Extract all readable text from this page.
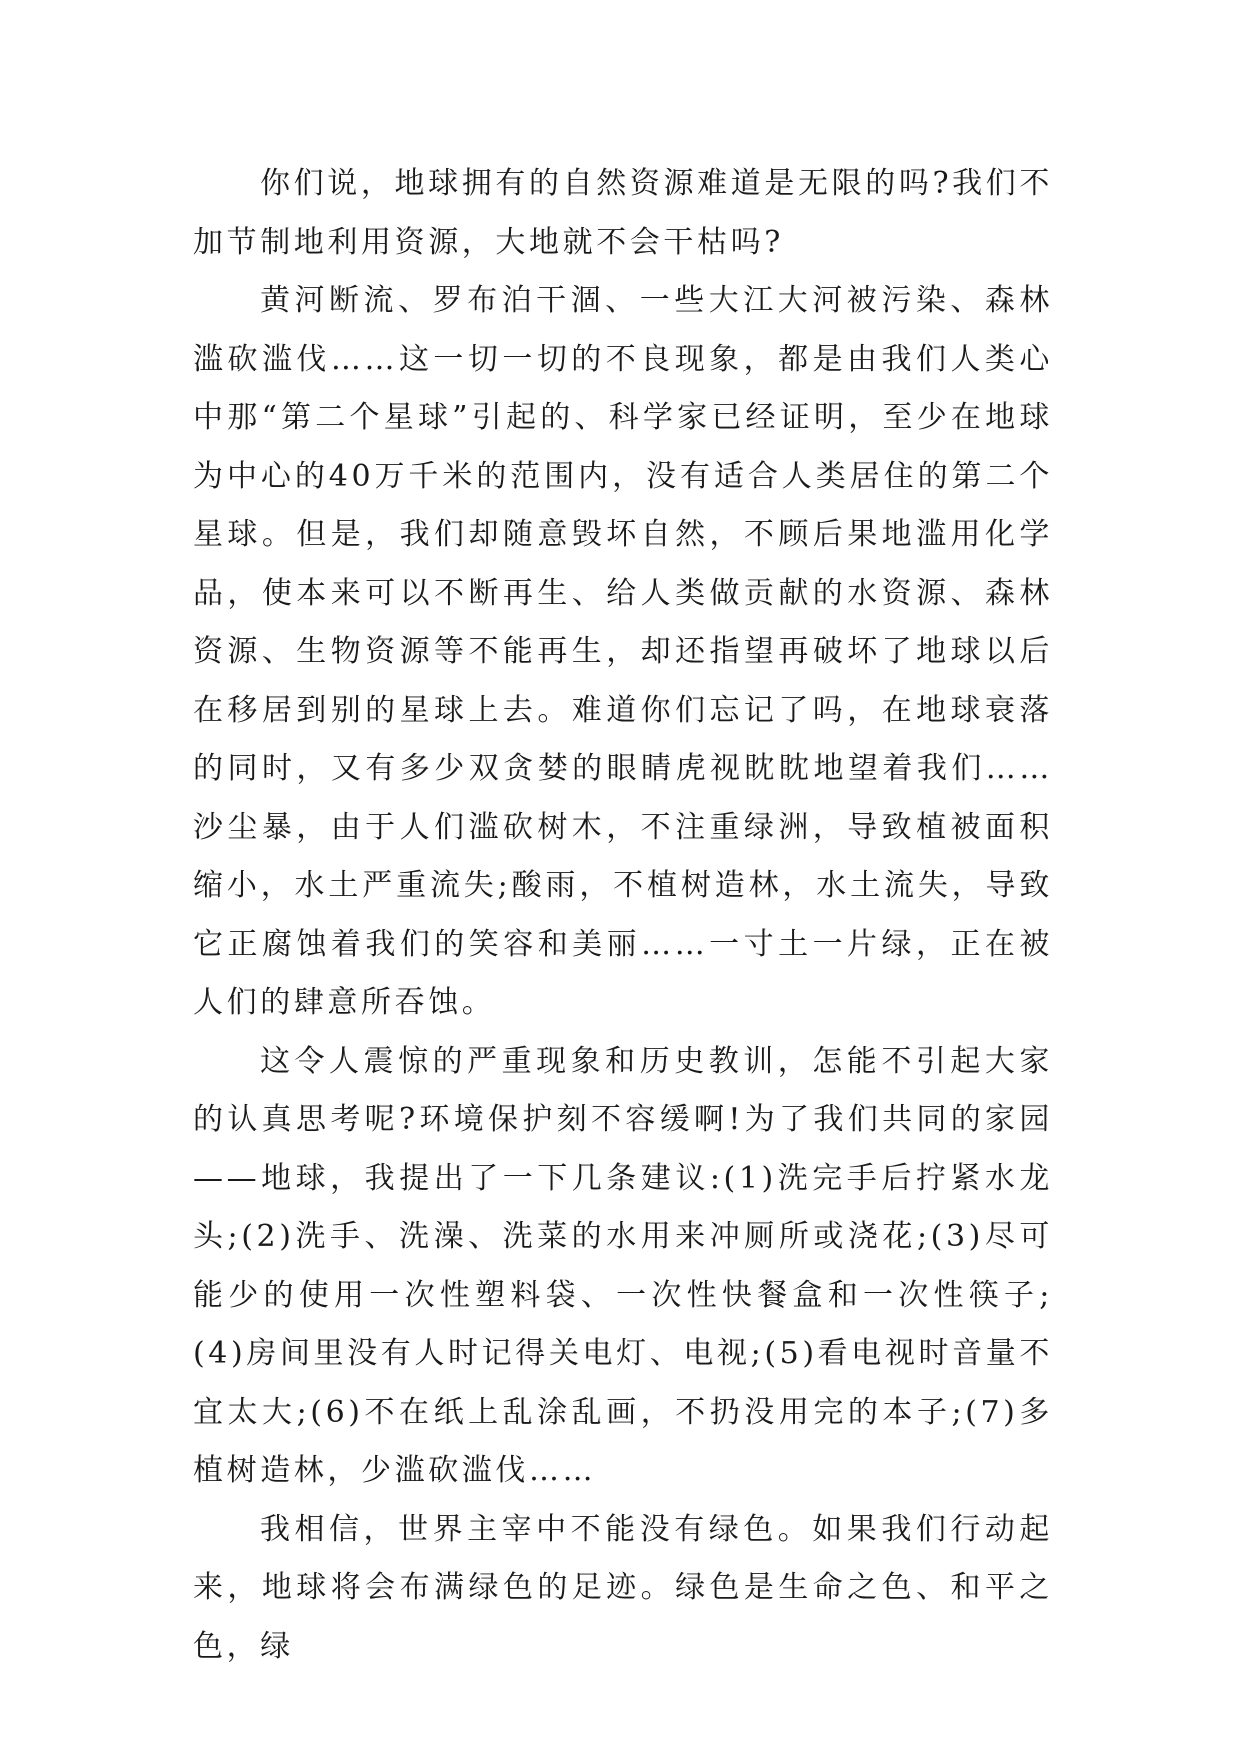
你们说，地球拥有的自然资源难道是无限的吗?我们不加节制地利用资源，大地就不会干枯吗?

黄河断流、罗布泊干涸、一些大江大河被污染、森林滥砍滥伐……这一切一切的不良现象，都是由我们人类心中那“第二个星球”引起的、科学家已经证明，至少在地球为中心的40万千米的范围内，没有适合人类居住的第二个星球。但是，我们却随意毁坏自然，不顾后果地滥用化学品，使本来可以不断再生、给人类做贡献的水资源、森林资源、生物资源等不能再生，却还指望再破坏了地球以后在移居到别的星球上去。难道你们忘记了吗，在地球衰落的同时，又有多少双贪婪的眼睛虎视眈眈地望着我们……沙尘暴，由于人们滥砍树木，不注重绿洲，导致植被面积缩小，水土严重流失;酸雨，不植树造林，水土流失，导致它正腐蚀着我们的笑容和美丽……一寸土一片绿，正在被人们的肆意所吞蚀。

这令人震惊的严重现象和历史教训，怎能不引起大家的认真思考呢?环境保护刻不容缓啊!为了我们共同的家园——地球，我提出了一下几条建议:(1)洗完手后拧紧水龙头;(2)洗手、洗澡、洗菜的水用来冲厕所或浇花;(3)尽可能少的使用一次性塑料袋、一次性快餐盒和一次性筷子;(4)房间里没有人时记得关电灯、电视;(5)看电视时音量不宜太大;(6)不在纸上乱涂乱画，不扔没用完的本子;(7)多植树造林，少滥砍滥伐……

我相信，世界主宰中不能没有绿色。如果我们行动起来，地球将会布满绿色的足迹。绿色是生命之色、和平之色，绿
